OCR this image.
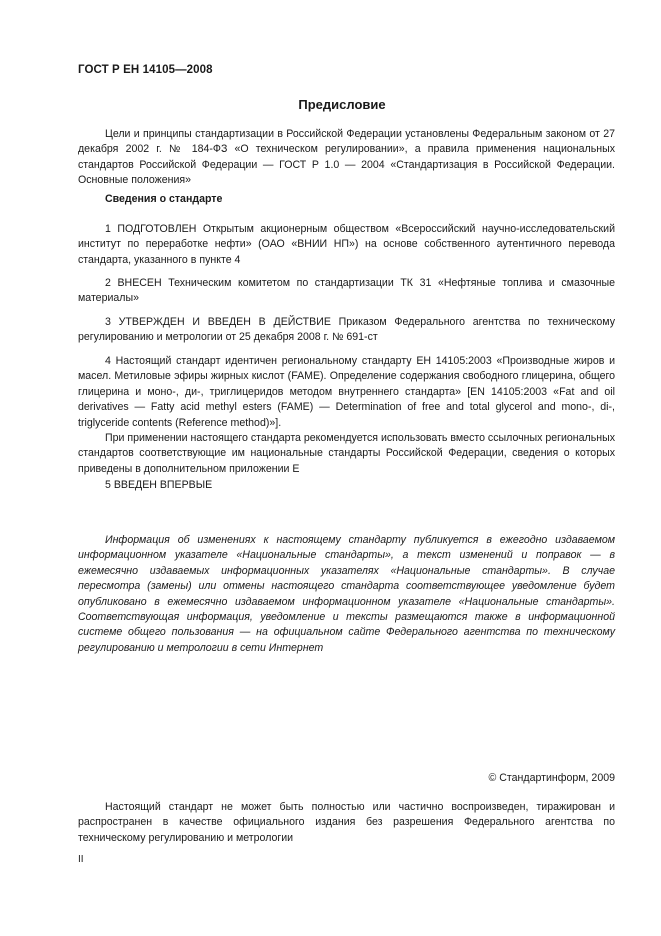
ГОСТ Р ЕН 14105—2008
Предисловие

Цели и принципы стандартизации в Российской Федерации установлены Федеральным законом от 27 декабря 2002 г. № 184-ФЗ «О техническом регулировании», а правила применения национальных стандартов Российской Федерации — ГОСТ Р 1.0 — 2004 «Стандартизация в Российской Федерации. Основные положения»

Сведения о стандарте

1 ПОДГОТОВЛЕН Открытым акционерным обществом «Всероссийский научно-исследовательский институт по переработке нефти» (ОАО «ВНИИ НП») на основе собственного аутентичного перевода стандарта, указанного в пункте 4

2 ВНЕСЕН Техническим комитетом по стандартизации ТК 31 «Нефтяные топлива и смазочные материалы»

3 УТВЕРЖДЕН И ВВЕДЕН В ДЕЙСТВИЕ Приказом Федерального агентства по техническому регулированию и метрологии от 25 декабря 2008 г. № 691-ст

4 Настоящий стандарт идентичен региональному стандарту ЕН 14105:2003 «Производные жиров и масел. Метиловые эфиры жирных кислот (FAME). Определение содержания свободного глицерина, общего глицерина и моно-, ди-, триглицеридов методом внутреннего стандарта» [EN 14105:2003 «Fat and oil derivatives — Fatty acid methyl esters (FAME) — Determination of free and total glycerol and mono-, di-, triglyceride contents (Reference method)»].

При применении настоящего стандарта рекомендуется использовать вместо ссылочных региональных стандартов соответствующие им национальные стандарты Российской Федерации, сведения о которых приведены в дополнительном приложении Е

5 ВВЕДЕН ВПЕРВЫЕ

Информация об изменениях к настоящему стандарту публикуется в ежегодно издаваемом информационном указателе «Национальные стандарты», а текст изменений и поправок — в ежемесячно издаваемых информационных указателях «Национальные стандарты». В случае пересмотра (замены) или отмены настоящего стандарта соответствующее уведомление будет опубликовано в ежемесячно издаваемом информационном указателе «Национальные стандарты». Соответствующая информация, уведомление и тексты размещаются также в информационной системе общего пользования — на официальном сайте Федерального агентства по техническому регулированию и метрологии в сети Интернет

© Стандартинформ, 2009

Настоящий стандарт не может быть полностью или частично воспроизведен, тиражирован и распространен в качестве официального издания без разрешения Федерального агентства по техническому регулированию и метрологии

II
